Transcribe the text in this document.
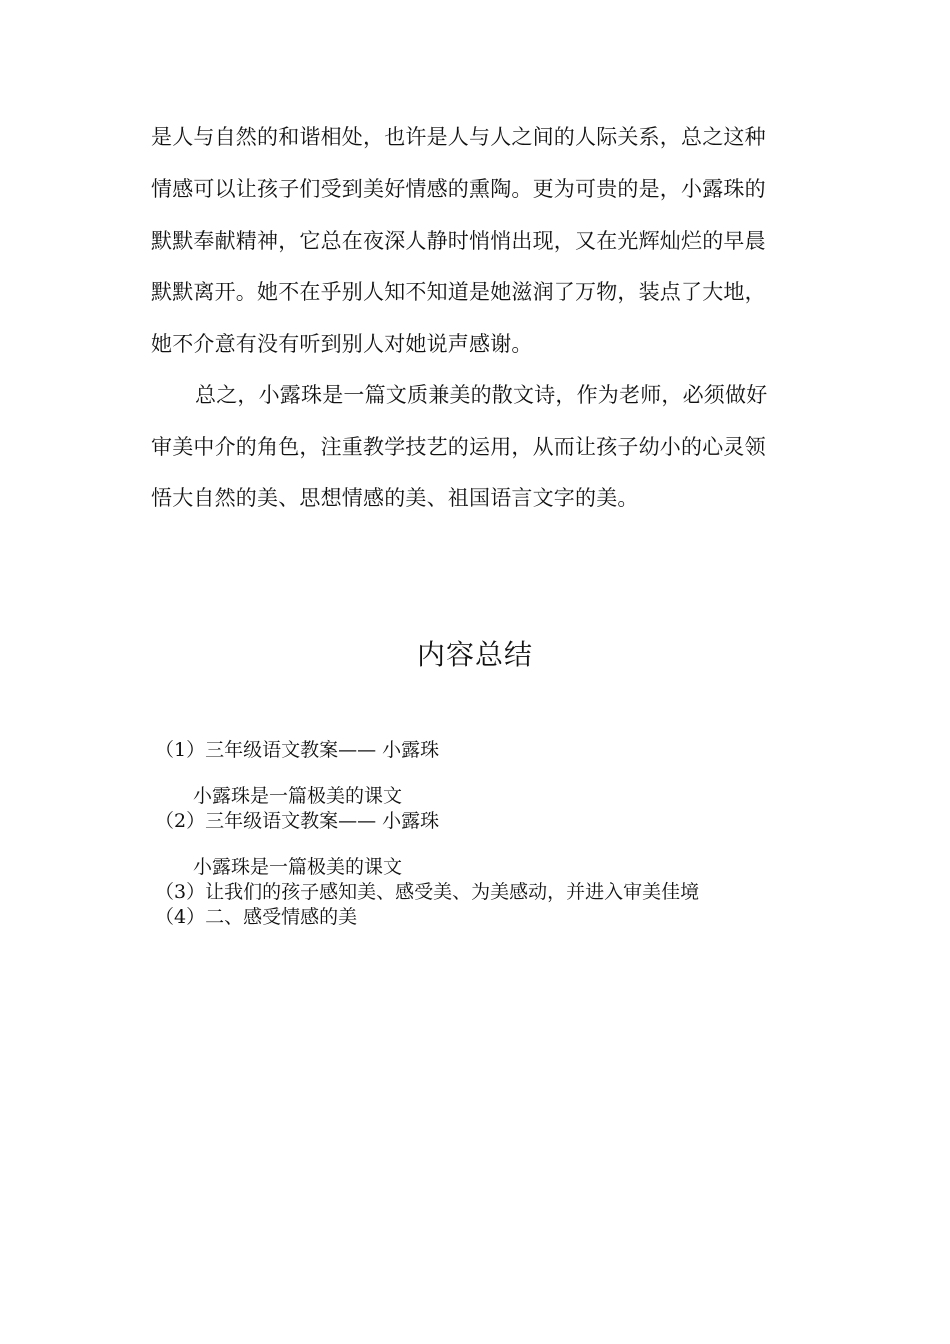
是人与自然的和谐相处，也许是人与人之间的人际关系，总之这种
情感可以让孩子们受到美好情感的熏陶。更为可贵的是，小露珠的
默默奉献精神，它总在夜深人静时悄悄出现，又在光辉灿烂的早晨
默默离开。她不在乎别人知不知道是她滋润了万物，装点了大地，
她不介意有没有听到别人对她说声感谢。
总之，小露珠是一篇文质兼美的散文诗，作为老师，必须做好
审美中介的角色，注重教学技艺的运用，从而让孩子幼小的心灵领
悟大自然的美、思想情感的美、祖国语言文字的美。
内容总结
（1）三年级语文教案—— 小露珠
小露珠是一篇极美的课文
（2）三年级语文教案—— 小露珠
小露珠是一篇极美的课文
（3）让我们的孩子感知美、感受美、为美感动，并进入审美佳境
（4）二、感受情感的美
